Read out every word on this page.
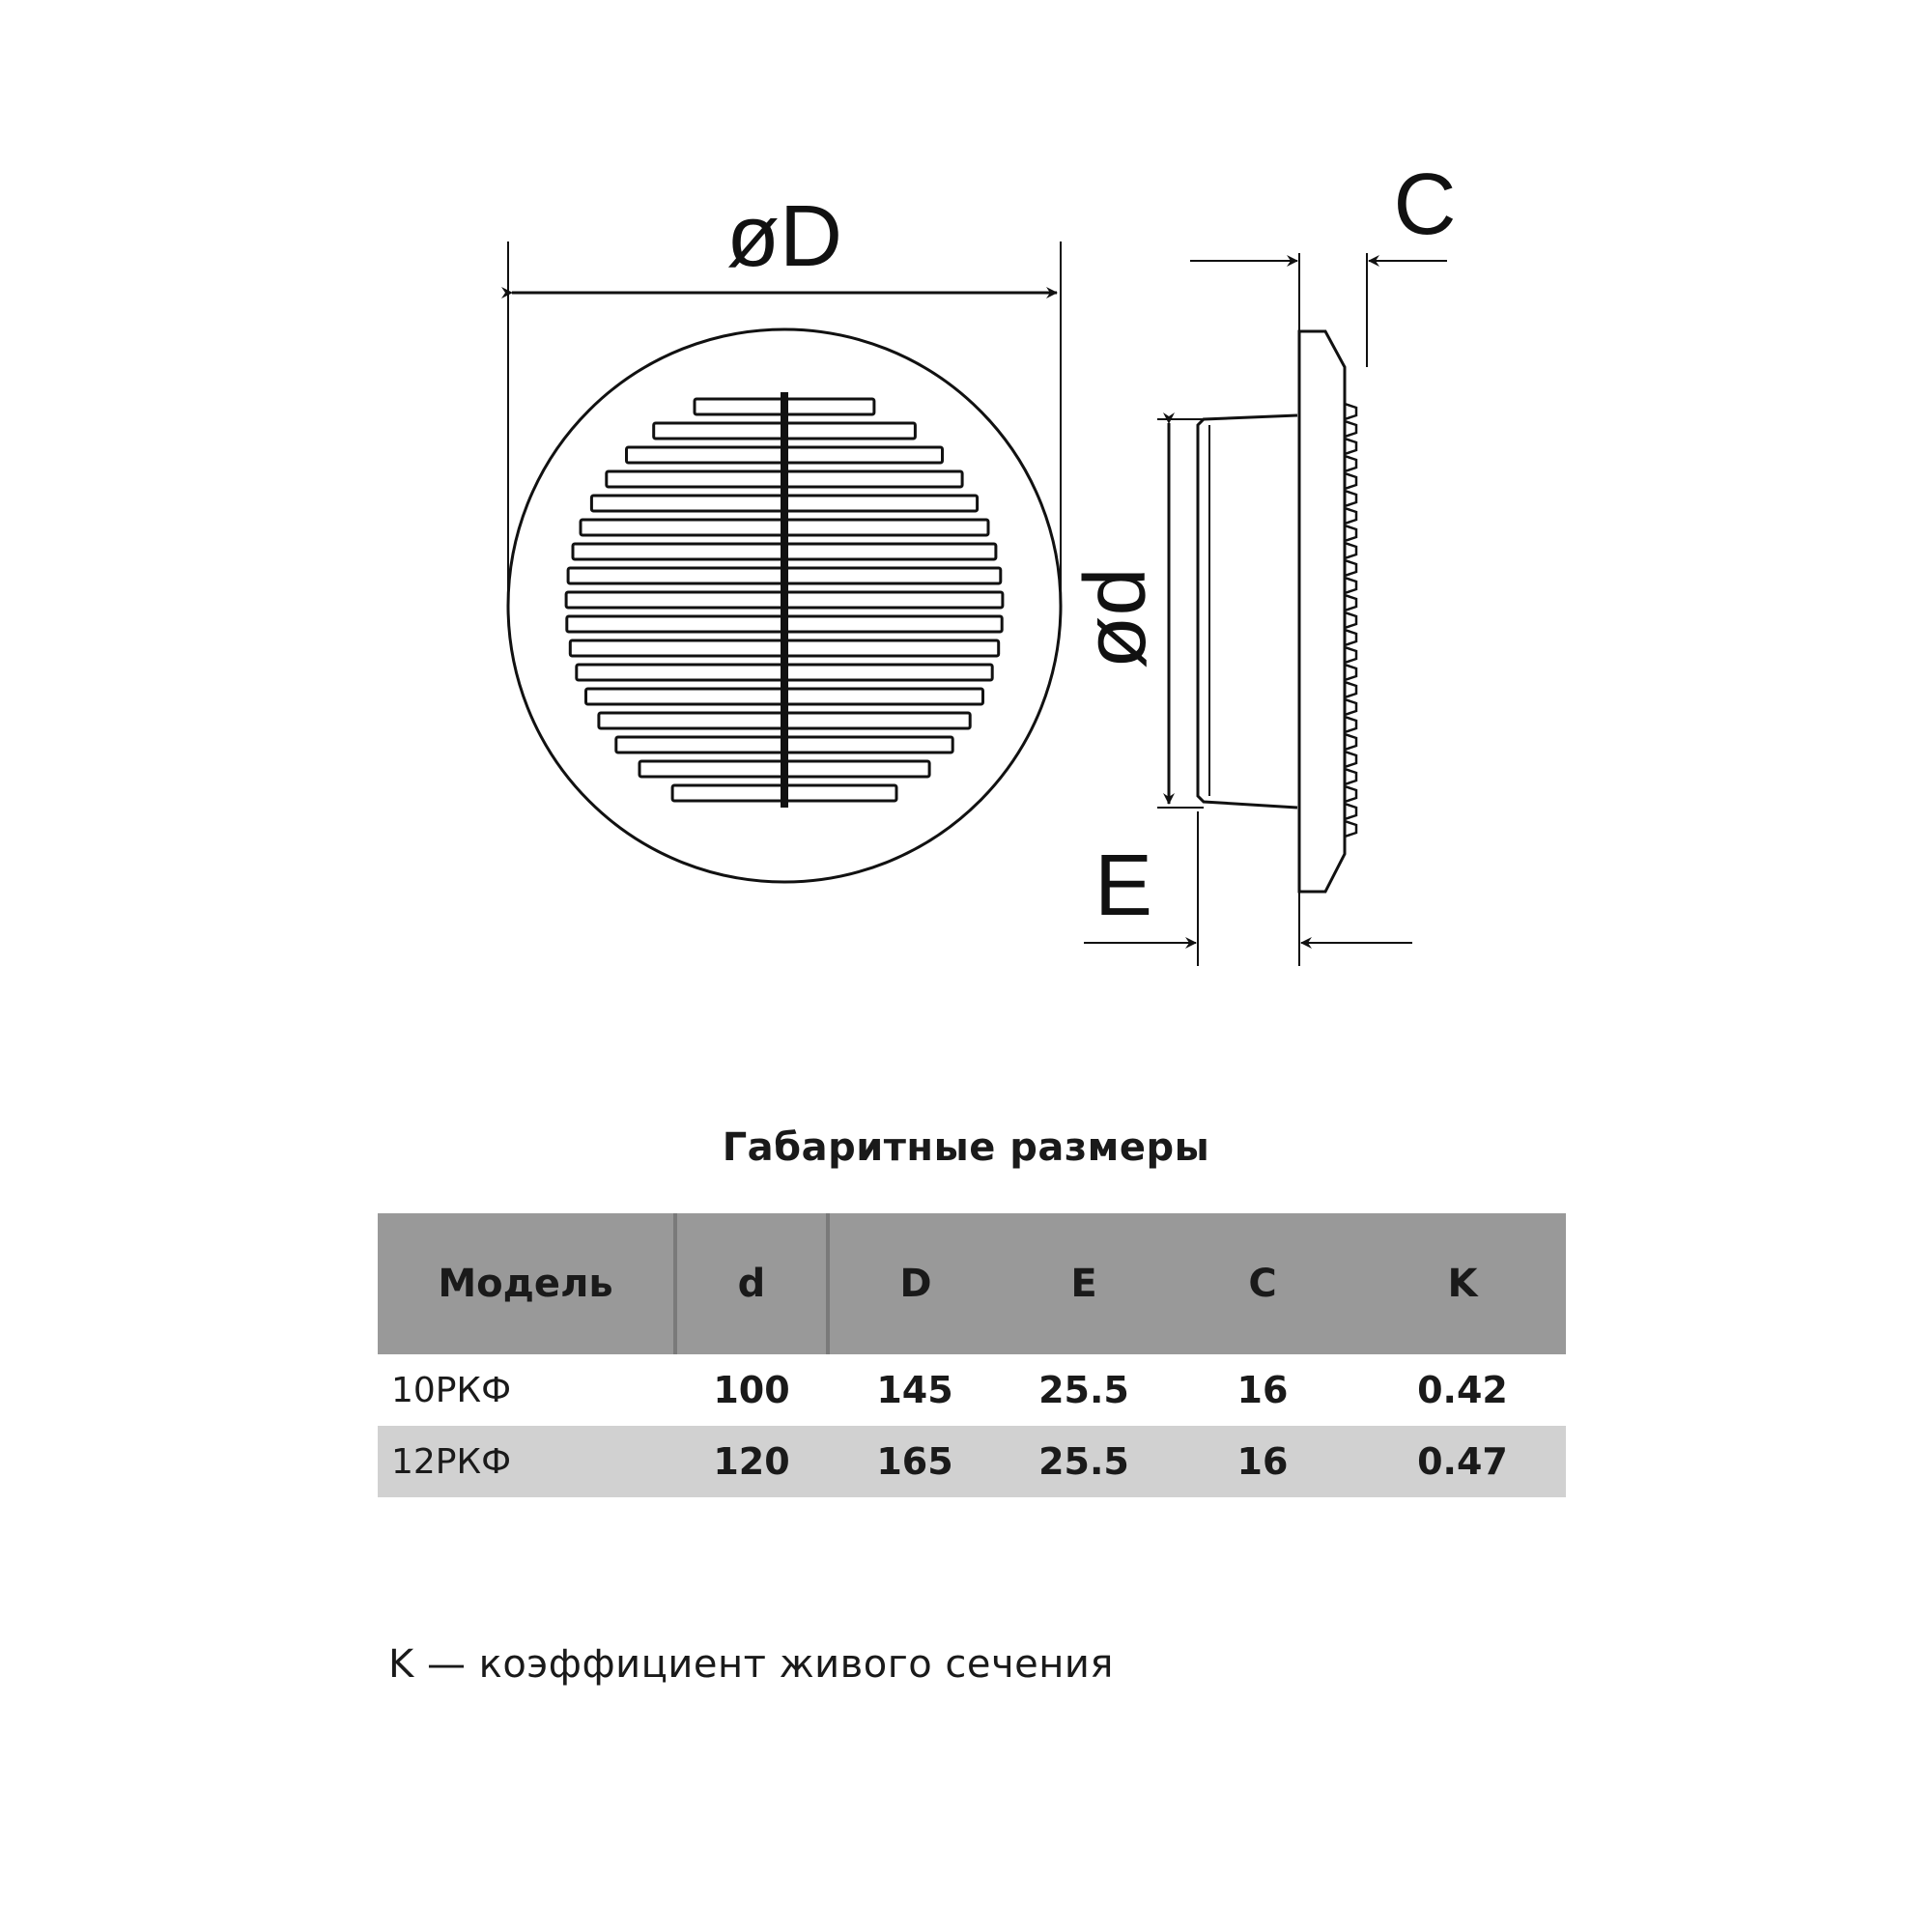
øD	C
ød
E
Габаритные размеры
Модель	d	D	E	C	K
10РКФ	100	145	25.5	16	0.42
12РКФ	120	165	25.5	16	0.47
K — коэффициент живого сечения
